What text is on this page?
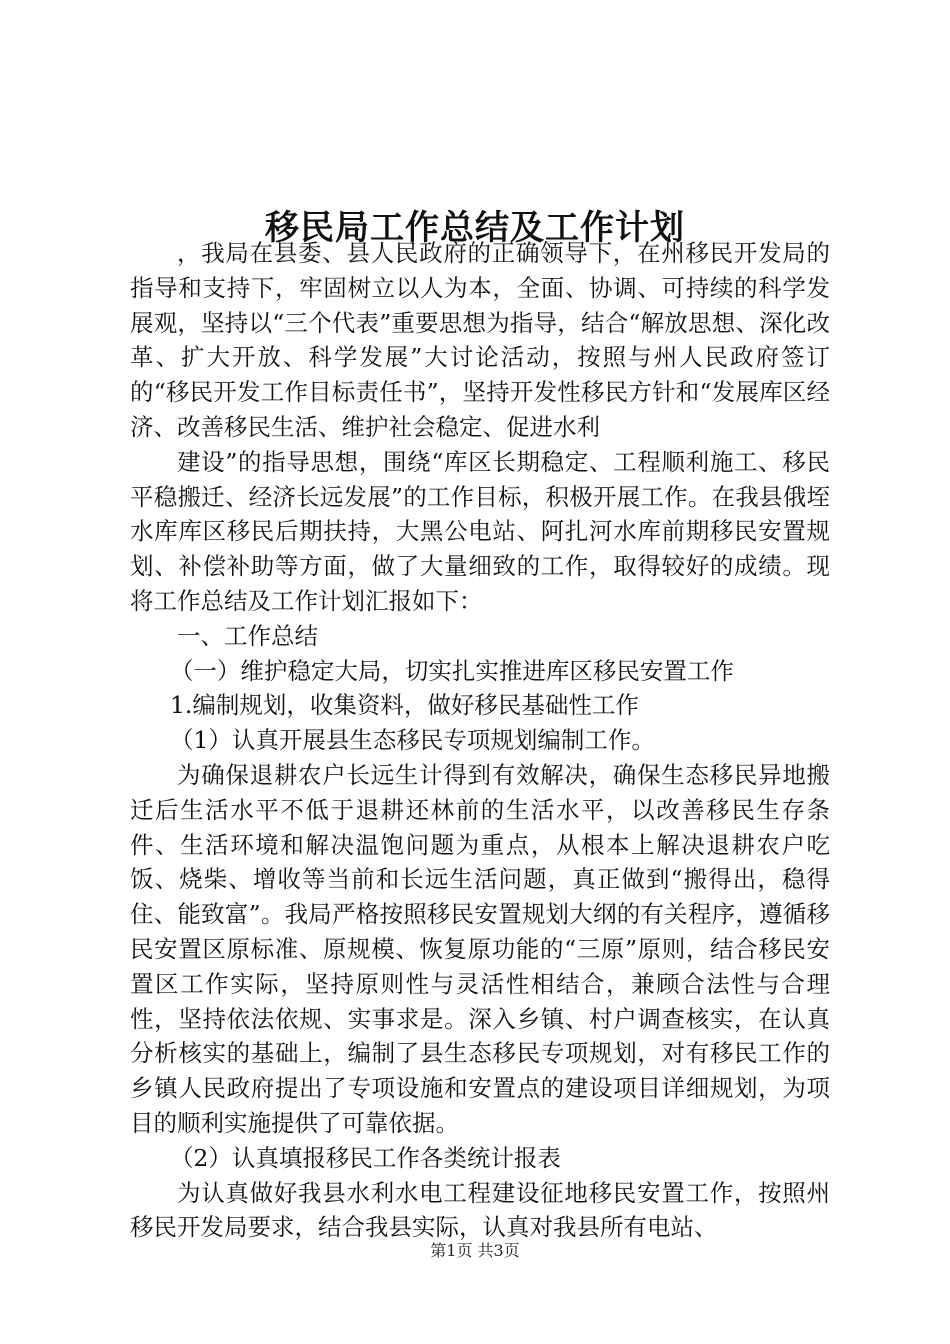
移民局工作总结及工作计划

，我局在县委、县人民政府的正确领导下，在州移民开发局的指导和支持下，牢固树立以人为本，全面、协调、可持续的科学发展观，坚持以“三个代表”重要思想为指导，结合“解放思想、深化改革、扩大开放、科学发展”大讨论活动，按照与州人民政府签订的“移民开发工作目标责任书”，坚持开发性移民方针和“发展库区经济、改善移民生活、维护社会稳定、促进水利

建设”的指导思想，围绕“库区长期稳定、工程顺利施工、移民平稳搬迁、经济长远发展”的工作目标，积极开展工作。在我县俄垤水库库区移民后期扶持，大黑公电站、阿扎河水库前期移民安置规划、补偿补助等方面，做了大量细致的工作，取得较好的成绩。现将工作总结及工作计划汇报如下：

一、工作总结

（一）维护稳定大局，切实扎实推进库区移民安置工作

1.编制规划，收集资料，做好移民基础性工作

（1）认真开展县生态移民专项规划编制工作。

为确保退耕农户长远生计得到有效解决，确保生态移民异地搬迁后生活水平不低于退耕还林前的生活水平，以改善移民生存条件、生活环境和解决温饱问题为重点，从根本上解决退耕农户吃饭、烧柴、增收等当前和长远生活问题，真正做到“搬得出，稳得住、能致富”。我局严格按照移民安置规划大纲的有关程序，遵循移民安置区原标准、原规模、恢复原功能的“三原”原则，结合移民安置区工作实际，坚持原则性与灵活性相结合，兼顾合法性与合理性，坚持依法依规、实事求是。深入乡镇、村户调查核实，在认真分析核实的基础上，编制了县生态移民专项规划，对有移民工作的乡镇人民政府提出了专项设施和安置点的建设项目详细规划，为项目的顺利实施提供了可靠依据。

（2）认真填报移民工作各类统计报表

为认真做好我县水利水电工程建设征地移民安置工作，按照州移民开发局要求，结合我县实际，认真对我县所有电站、

第1页 共3页
